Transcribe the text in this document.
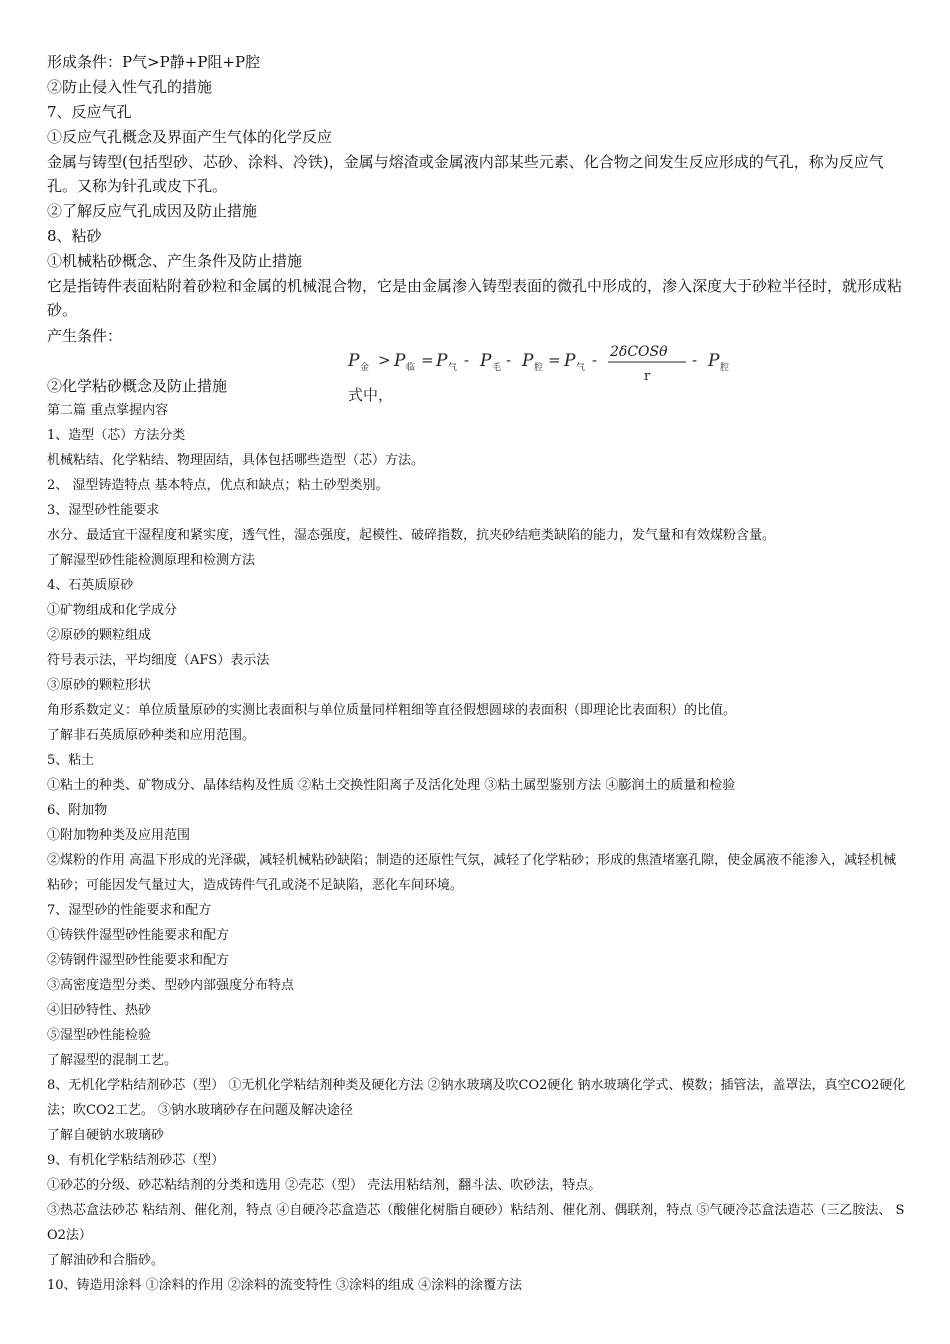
形成条件：P气>P静+P阻+P腔
②防止侵入性气孔的措施
7、反应气孔
①反应气孔概念及界面产生气体的化学反应
金属与铸型(包括型砂、芯砂、涂料、冷铁)，金属与熔渣或金属液内部某些元素、化合物之间发生反应形成的气孔，称为反应气孔。又称为针孔或皮下孔。
②了解反应气孔成因及防止措施
8、粘砂
①机械粘砂概念、产生条件及防止措施
它是指铸件表面粘附着砂粒和金属的机械混合物，它是由金属渗入铸型表面的微孔中形成的，渗入深度大于砂粒半径时，就形成粘砂。
产生条件：
②化学粘砂概念及防止措施
P 金 > P 临 = P 气 - P 毛 - P 腔 = P 气 - 2δCOSθ
r
- P 腔
式中，
第二篇 重点掌握内容
1、造型（芯）方法分类
机械粘结、化学粘结、物理固结，具体包括哪些造型（芯）方法。
2、 湿型铸造特点 基本特点，优点和缺点；粘土砂型类别。
3、湿型砂性能要求
水分、最适宜干湿程度和紧实度，透气性，湿态强度，起模性、破碎指数，抗夹砂结疤类缺陷的能力，发气量和有效煤粉含量。
了解湿型砂性能检测原理和检测方法
4、石英质原砂
①矿物组成和化学成分
②原砂的颗粒组成
符号表示法，平均细度（AFS）表示法
③原砂的颗粒形状
角形系数定义：单位质量原砂的实测比表面积与单位质量同样粗细等直径假想圆球的表面积（即理论比表面积）的比值。
了解非石英质原砂种类和应用范围。
5、粘土
①粘土的种类、矿物成分、晶体结构及性质 ②粘土交换性阳离子及活化处理 ③粘土属型鉴别方法 ④膨润土的质量和检验
6、附加物
①附加物种类及应用范围
②煤粉的作用 高温下形成的光泽碳，减轻机械粘砂缺陷；制造的还原性气氛，减轻了化学粘砂；形成的焦渣堵塞孔隙，使金属液不能渗入，减轻机械粘砂；可能因发气量过大，造成铸件气孔或浇不足缺陷，恶化车间环境。
7、湿型砂的性能要求和配方
①铸铁件湿型砂性能要求和配方
②铸钢件湿型砂性能要求和配方
③高密度造型分类、型砂内部强度分布特点
④旧砂特性、热砂
⑤湿型砂性能检验
了解湿型的混制工艺。
8、无机化学粘结剂砂芯（型） ①无机化学粘结剂种类及硬化方法 ②钠水玻璃及吹CO2硬化 钠水玻璃化学式、模数；插管法，盖罩法，真空CO2硬化法；吹CO2工艺。 ③钠水玻璃砂存在问题及解决途径
了解自硬钠水玻璃砂
9、有机化学粘结剂砂芯（型）
①砂芯的分级、砂芯粘结剂的分类和选用 ②壳芯（型） 壳法用粘结剂，翻斗法、吹砂法，特点。
③热芯盒法砂芯 粘结剂、催化剂，特点 ④自硬冷芯盒造芯（酸催化树脂自硬砂）粘结剂、催化剂、偶联剂，特点 ⑤气硬冷芯盒法造芯（三乙胺法、 SO2法）
了解油砂和合脂砂。
10、铸造用涂料 ①涂料的作用 ②涂料的流变特性 ③涂料的组成 ④涂料的涂覆方法
